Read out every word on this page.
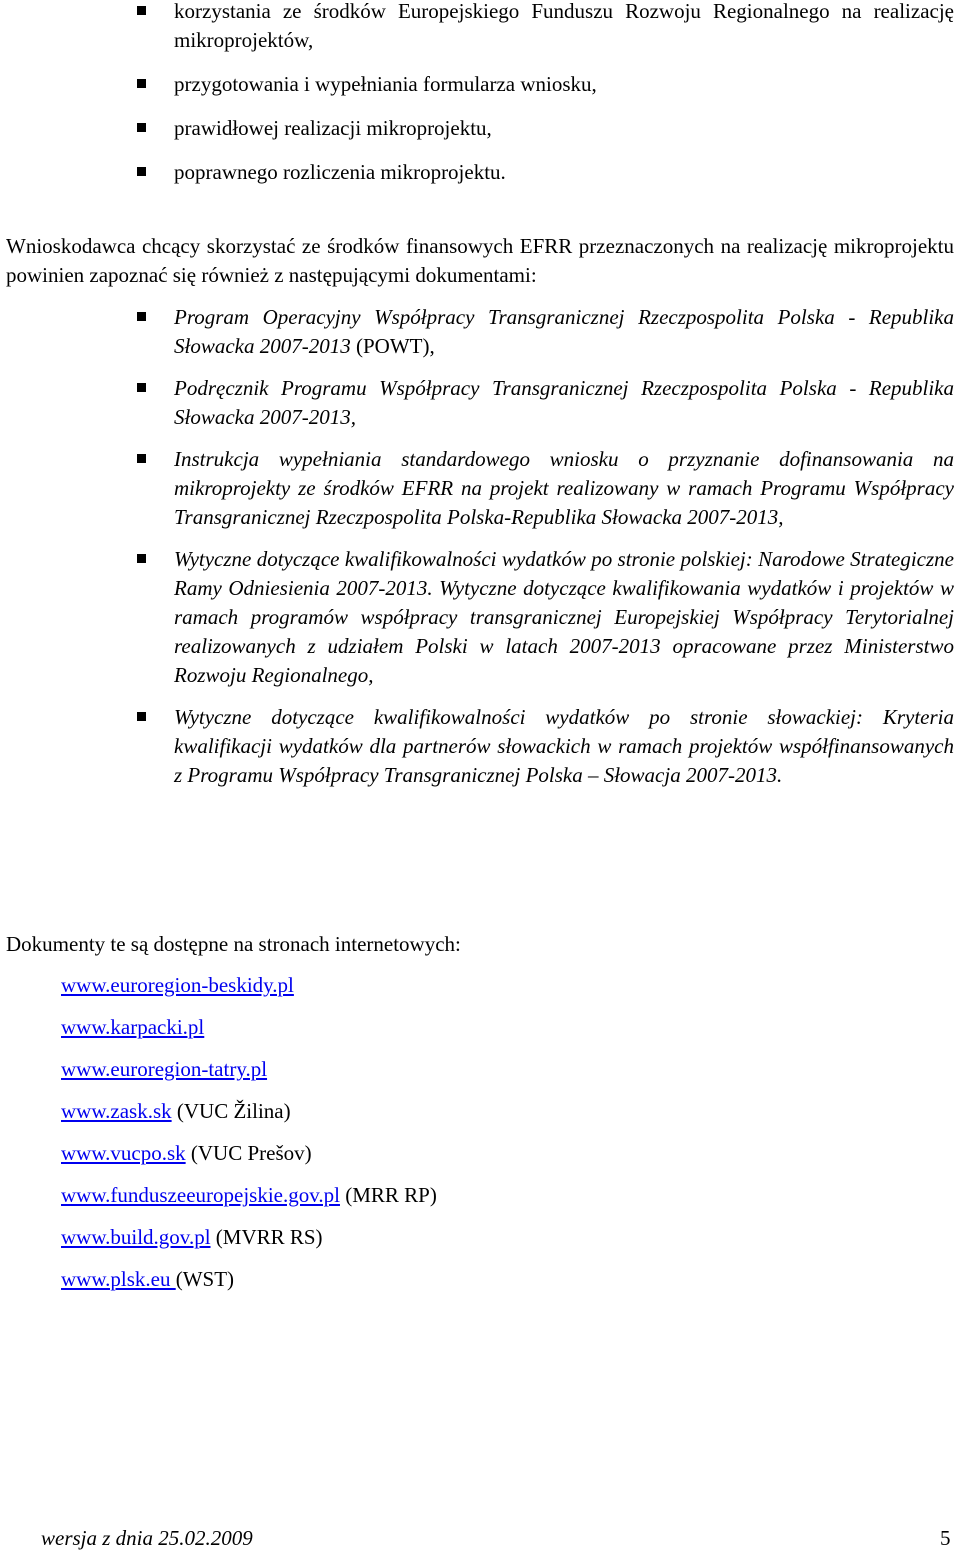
korzystania ze środków Europejskiego Funduszu Rozwoju Regionalnego na realizację mikroprojektów,
przygotowania i wypełniania formularza wniosku,
prawidłowej realizacji mikroprojektu,
poprawnego rozliczenia mikroprojektu.

Wnioskodawca chcący skorzystać ze środków finansowych EFRR przeznaczonych na realizację mikroprojektu powinien zapoznać się również z następującymi dokumentami:

Program Operacyjny Współpracy Transgranicznej Rzeczpospolita Polska - Republika Słowacka 2007-2013 (POWT),
Podręcznik Programu Współpracy Transgranicznej Rzeczpospolita Polska - Republika Słowacka 2007-2013,
Instrukcja wypełniania standardowego wniosku o przyznanie dofinansowania na mikroprojekty ze środków EFRR na projekt realizowany w ramach Programu Współpracy Transgranicznej Rzeczpospolita Polska-Republika Słowacka 2007-2013,
Wytyczne dotyczące kwalifikowalności wydatków po stronie polskiej: Narodowe Strategiczne Ramy Odniesienia 2007-2013. Wytyczne dotyczące kwalifikowania wydatków i projektów w ramach programów współpracy transgranicznej Europejskiej Współpracy Terytorialnej realizowanych z udziałem Polski w latach 2007-2013 opracowane przez Ministerstwo Rozwoju Regionalnego,
Wytyczne dotyczące kwalifikowalności wydatków po stronie słowackiej: Kryteria kwalifikacji wydatków dla partnerów słowackich w ramach projektów współfinansowanych z Programu Współpracy Transgranicznej Polska – Słowacja 2007-2013.

Dokumenty te są dostępne na stronach internetowych:

www.euroregion-beskidy.pl
www.karpacki.pl
www.euroregion-tatry.pl
www.zask.sk (VUC Žilina)
www.vucpo.sk (VUC Prešov)
www.funduszeeuropejskie.gov.pl (MRR RP)
www.build.gov.pl (MVRR RS)
www.plsk.eu (WST)
wersja z dnia 25.02.2009	5
